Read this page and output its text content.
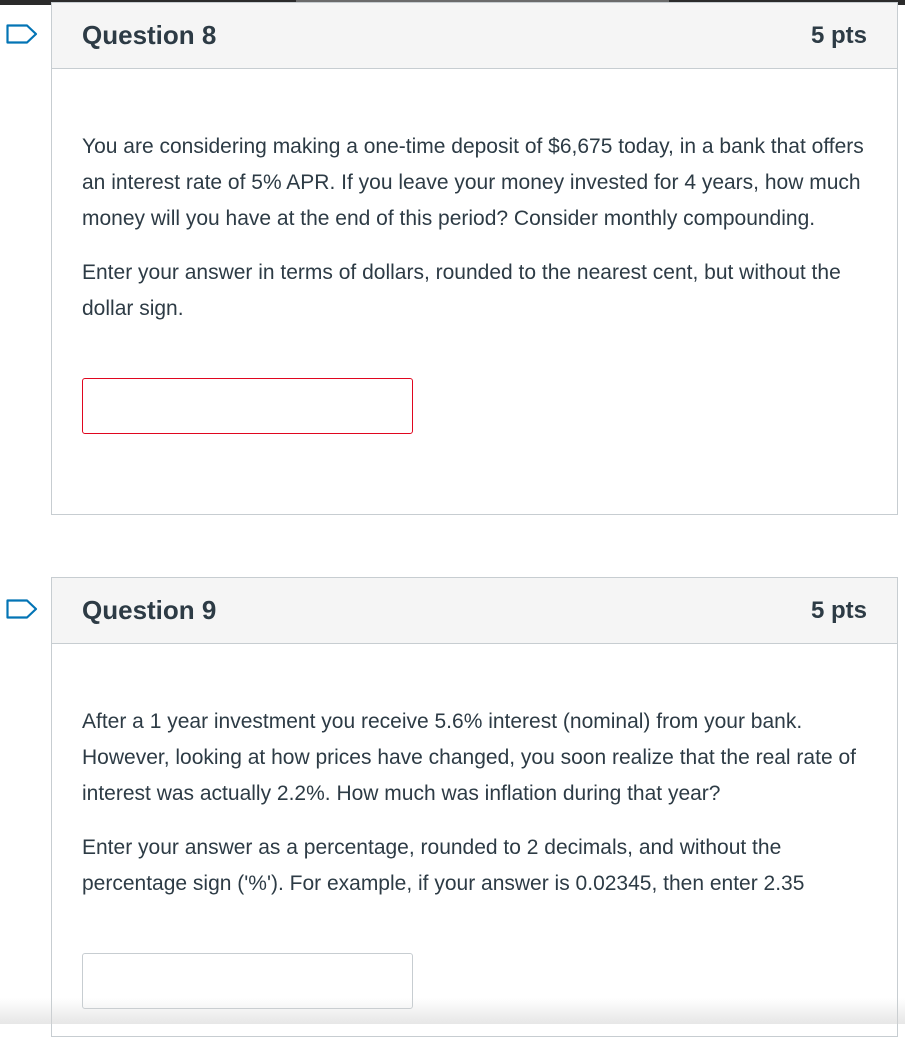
Question 8	5 pts

You are considering making a one-time deposit of $6,675 today, in a bank that offers an interest rate of 5% APR. If you leave your money invested for 4 years, how much money will you have at the end of this period? Consider monthly compounding.

Enter your answer in terms of dollars, rounded to the nearest cent, but without the dollar sign.

Question 9	5 pts

After a 1 year investment you receive 5.6% interest (nominal) from your bank. However, looking at how prices have changed, you soon realize that the real rate of interest was actually 2.2%. How much was inflation during that year?

Enter your answer as a percentage, rounded to 2 decimals, and without the percentage sign ('%'). For example, if your answer is 0.02345, then enter 2.35
